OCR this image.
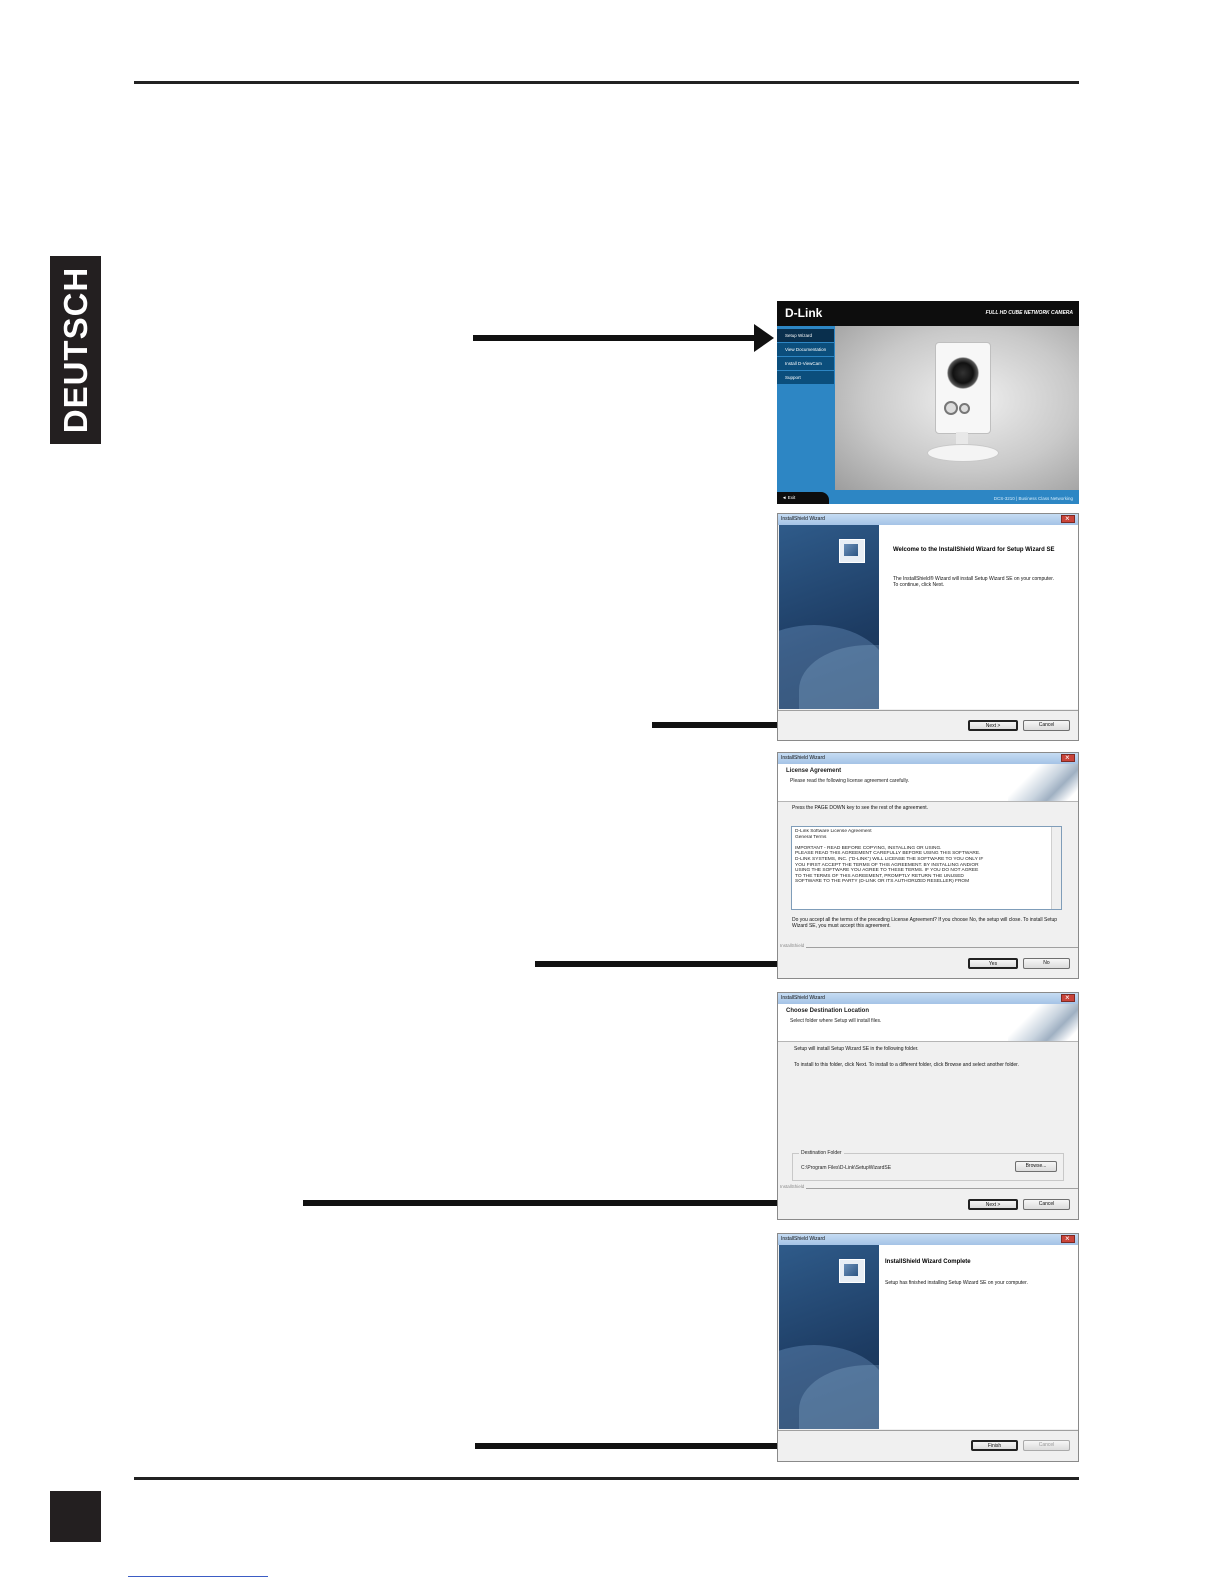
DEUTSCH	D-Link	FULL HD CUBE NETWORK CAMERA
Setup Wizard
View Documentation
Install D-ViewCam
Support
◄ Exit	DCS-3210 | Business Class Networking
InstallShield Wizard
×
Welcome to the InstallShield Wizard for Setup Wizard SE
The InstallShield® Wizard will install Setup Wizard SE on your computer. To continue, click Next.
Next >	Cancel
InstallShield Wizard
×
License Agreement
Please read the following license agreement carefully.
Press the PAGE DOWN key to see the rest of the agreement.
D-Link Software License Agreement
General Terms
IMPORTANT - READ BEFORE COPYING, INSTALLING OR USING.
PLEASE READ THIS AGREEMENT CAREFULLY BEFORE USING THIS SOFTWARE.
D-LINK SYSTEMS, INC. ("D-LINK") WILL LICENSE THE SOFTWARE TO YOU ONLY IF
YOU FIRST ACCEPT THE TERMS OF THIS AGREEMENT. BY INSTALLING AND/OR
USING THE SOFTWARE YOU AGREE TO THESE TERMS. IF YOU DO NOT AGREE
TO THE TERMS OF THIS AGREEMENT, PROMPTLY RETURN THE UNUSED
SOFTWARE TO THE PARTY (D-LINK OR ITS AUTHORIZED RESELLER) FROM
Do you accept all the terms of the preceding License Agreement? If you choose No, the setup will close. To install Setup Wizard SE, you must accept this agreement.
InstallShield
Yes	No
InstallShield Wizard
×
Choose Destination Location
Select folder where Setup will install files.
Setup will install Setup Wizard SE in the following folder.
To install to this folder, click Next. To install to a different folder, click Browse and select another folder.
Destination Folder
C:\Program Files\D-Link\SetupWizardSE	Browse...
InstallShield
Next >	Cancel
InstallShield Wizard
×
InstallShield Wizard Complete
Setup has finished installing Setup Wizard SE on your computer.
Finish	Cancel
